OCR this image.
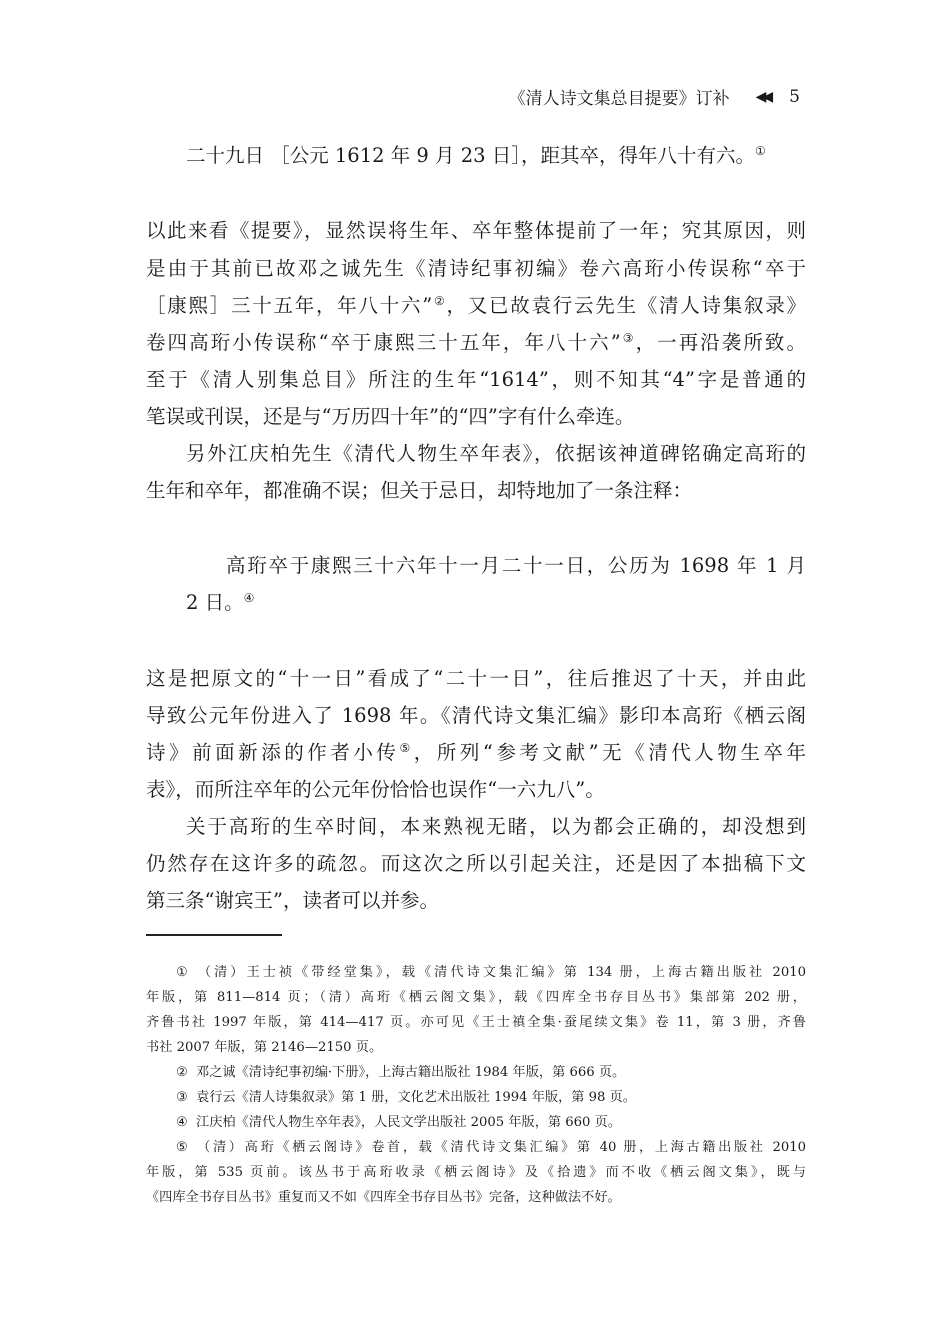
《清人诗文集总目提要》订补 ◀◀ 5
二十九日 ［公元 1612 年 9 月 23 日］，距其卒，得年八十有六。①
以此来看《提要》，显然误将生年、卒年整体提前了一年；究其原因，则
是由于其前已故邓之诚先生《清诗纪事初编》卷六高珩小传误称“卒于
［康熙］三十五年，年八十六”②，又已故袁行云先生《清人诗集叙录》
卷四高珩小传误称“卒于康熙三十五年，年八十六”③，一再沿袭所致。
至于《清人别集总目》所注的生年“1614”，则不知其“4”字是普通的
笔误或刊误，还是与“万历四十年”的“四”字有什么牵连。
另外江庆柏先生《清代人物生卒年表》，依据该神道碑铭确定高珩的
生年和卒年，都准确不误；但关于忌日，却特地加了一条注释：
高珩卒于康熙三十六年十一月二十一日，公历为 1698 年 1 月
2 日。④
这是把原文的“十一日”看成了“二十一日”，往后推迟了十天，并由此
导致公元年份进入了 1698 年。《清代诗文集汇编》影印本高珩《栖云阁
诗》前面新添的作者小传⑤，所列“参考文献”无《清代人物生卒年
表》，而所注卒年的公元年份恰恰也误作“一六九八”。
关于高珩的生卒时间，本来熟视无睹，以为都会正确的，却没想到
仍然存在这许多的疏忽。而这次之所以引起关注，还是因了本拙稿下文
第三条“谢宾王”，读者可以并参。
① （清）王士祯《带经堂集》，载《清代诗文集汇编》第 134 册，上海古籍出版社 2010
年版，第 811—814 页；（清）高珩《栖云阁文集》，载《四库全书存目丛书》集部第 202 册，
齐鲁书社 1997 年版，第 414—417 页。亦可见《王士禛全集·蚕尾续文集》卷 11，第 3 册，齐鲁
书社 2007 年版，第 2146—2150 页。
② 邓之诚《清诗纪事初编·下册》，上海古籍出版社 1984 年版，第 666 页。
③ 袁行云《清人诗集叙录》第 1 册，文化艺术出版社 1994 年版，第 98 页。
④ 江庆柏《清代人物生卒年表》，人民文学出版社 2005 年版，第 660 页。
⑤ （清）高珩《栖云阁诗》卷首，载《清代诗文集汇编》第 40 册，上海古籍出版社 2010
年版，第 535 页前。该丛书于高珩收录《栖云阁诗》及《拾遗》而不收《栖云阁文集》，既与
《四库全书存目丛书》重复而又不如《四库全书存目丛书》完备，这种做法不好。
